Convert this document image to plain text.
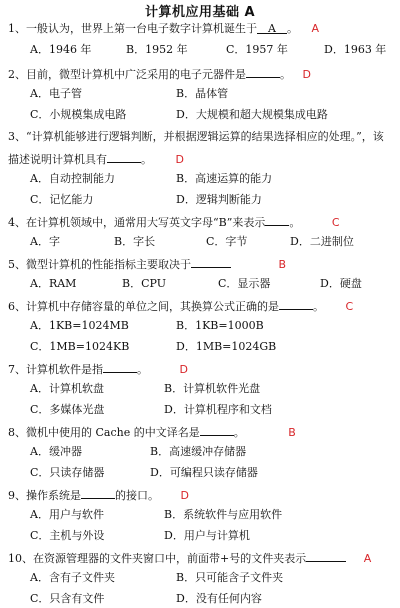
计算机应用基础 A
1、一般认为，世界上第一台电子数字计算机诞生于 A 。 A
A．1946 年	B．1952 年	C．1957 年	D．1963 年
2、目前，微型计算机中广泛采用的电子元器件是	。 D
A．电子管	B．晶体管
C．小规模集成电路	D．大规模和超大规模集成电路
3、“计算机能够进行逻辑判断，并根据逻辑运算的结果选择相应的处理。”，该
描述说明计算机具有	。 D
A．自动控制能力	B．高速运算的能力
C．记忆能力	D．逻辑判断能力
4、在计算机领域中，通常用大写英文字母“B”来表示 。	C
A．字	B．字长	C．字节	D．二进制位
5、微型计算机的性能指标主要取决于	B
A．RAM	B．CPU	C．显示器	D．硬盘
6、计算机中存储容量的单位之间，其换算公式正确的是	。 C
A．1KB=1024MB	B．1KB=1000B
C．1MB=1024KB	D．1MB=1024GB
7、计算机软件是指	。	D
A．计算机软盘	B．计算机软件光盘
C．多媒体光盘	D．计算机程序和文档
8、微机中使用的 Cache 的中文译名是	。	B
A．缓冲器	B．高速缓冲存储器
C．只读存储器	D．可编程只读存储器
9、操作系统是	的接口。 D
A．用户与软件	B．系统软件与应用软件
C．主机与外设	D．用户与计算机
10、在资源管理器的文件夹窗口中，前面带+号的文件夹表示	A
A．含有子文件夹	B．只可能含子文件夹
C．只含有文件	D．没有任何内容
